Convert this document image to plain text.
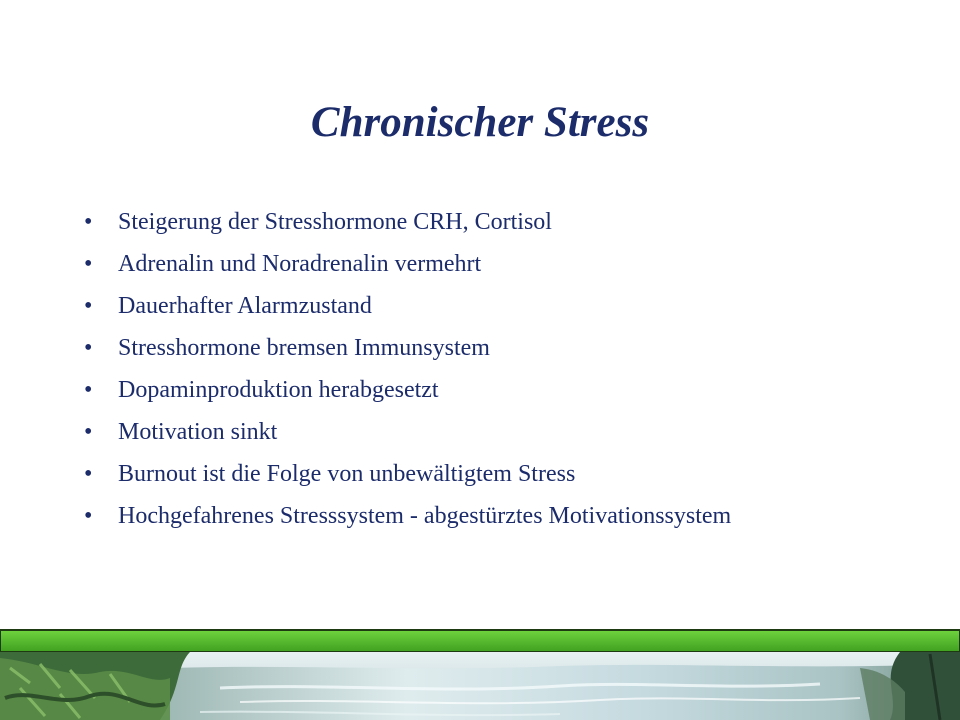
Chronischer Stress
• Steigerung der Stresshormone CRH, Cortisol
• Adrenalin und Noradrenalin vermehrt
• Dauerhafter Alarmzustand
• Stresshormone bremsen Immunsystem
• Dopaminproduktion herabgesetzt
• Motivation sinkt
• Burnout ist die Folge von unbewältigtem Stress
• Hochgefahrenes Stresssystem - abgestürztes Motivationssystem
